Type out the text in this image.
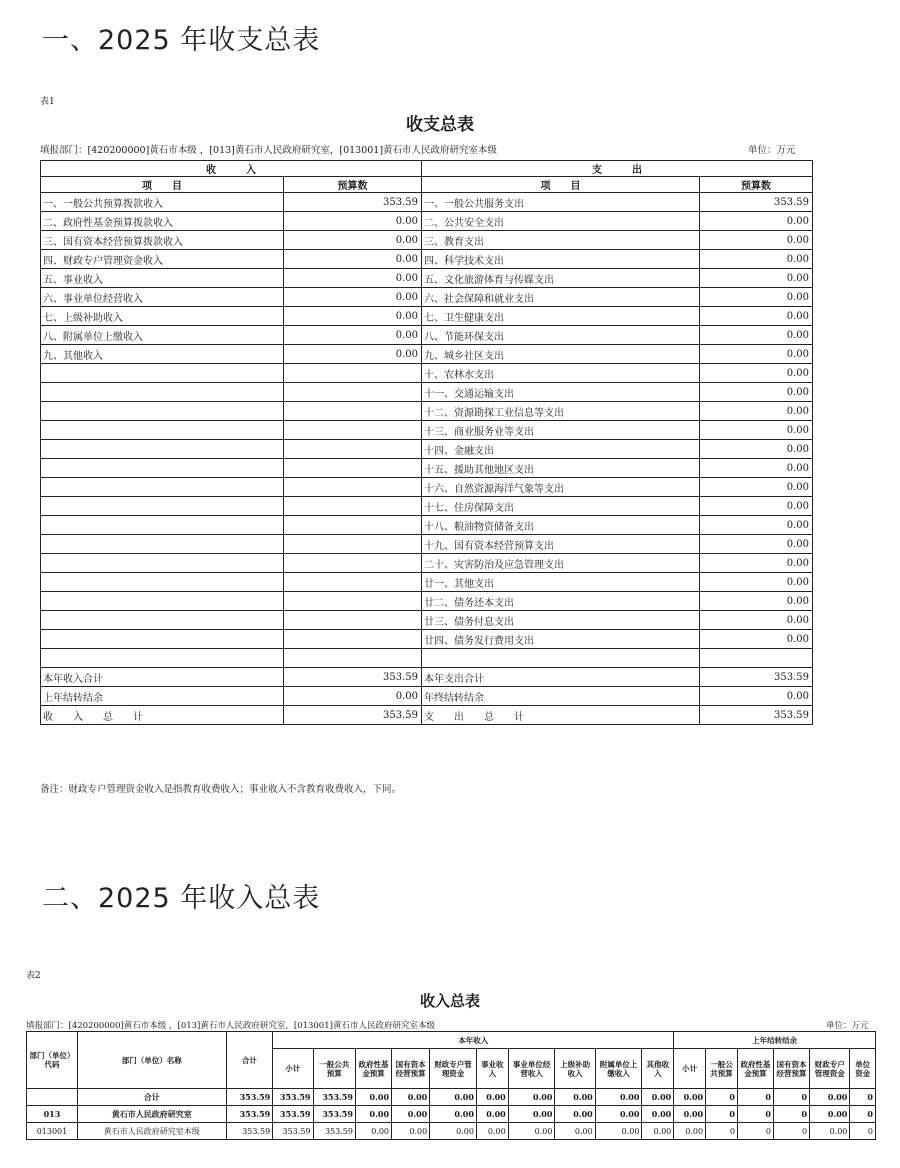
一、2025 年收支总表
表1
收支总表
填报部门：[420200000]黄石市本级 ，[013]黄石市人民政府研究室，[013001]黄石市人民政府研究室本级	单位：万元
收　　　入		支　　　出	
项　　目	预算数	项　　目	预算数
一、一般公共预算拨款收入	353.59	一、一般公共服务支出	353.59
二、政府性基金预算拨款收入	0.00	二、公共安全支出	0.00
三、国有资本经营预算拨款收入	0.00	三、教育支出	0.00
四、财政专户管理资金收入	0.00	四、科学技术支出	0.00
五、事业收入	0.00	五、文化旅游体育与传媒支出	0.00
六、事业单位经营收入	0.00	六、社会保障和就业支出	0.00
七、上级补助收入	0.00	七、卫生健康支出	0.00
八、附属单位上缴收入	0.00	八、节能环保支出	0.00
九、其他收入	0.00	九、城乡社区支出	0.00
		十、农林水支出	0.00
		十一、交通运输支出	0.00
		十二、资源勘探工业信息等支出	0.00
		十三、商业服务业等支出	0.00
		十四、金融支出	0.00
		十五、援助其他地区支出	0.00
		十六、自然资源海洋气象等支出	0.00
		十七、住房保障支出	0.00
		十八、粮油物资储备支出	0.00
		十九、国有资本经营预算支出	0.00
		二十、灾害防治及应急管理支出	0.00
		廿一、其他支出	0.00
		廿二、债务还本支出	0.00
		廿三、债务付息支出	0.00
		廿四、债务发行费用支出	0.00

本年收入合计	353.59	本年支出合计	353.59
上年结转结余	0.00	年终结转结余	0.00
收　　入　　总　　计	353.59	支　　出　　总　　计	353.59
备注：财政专户管理资金收入是指教育收费收入；事业收入不含教育收费收入，下同。
二、2025 年收入总表
表2
收入总表
填报部门：[420200000]黄石市本级 ，[013]黄石市人民政府研究室，[013001]黄石市人民政府研究室本级	单位：万元
部门（单位）代码	部门（单位）名称	合计	本年收入										上年结转结余					
			小计	一般公共预算	政府性基金预算	国有资本经营预算	财政专户管理资金	事业收入	事业单位经营收入	上级补助收入	附属单位上缴收入	其他收入	小计	一般公共预算	政府性基金预算	国有资本经营预算	财政专户管理资金	单位资金
	合计	353.59	353.59	353.59	0.00	0.00	0.00	0.00	0.00	0.00	0.00	0.00	0.00	0	0	0	0.00	0
013	黄石市人民政府研究室	353.59	353.59	353.59	0.00	0.00	0.00	0.00	0.00	0.00	0.00	0.00	0.00	0	0	0	0.00	0
013001	黄石市人民政府研究室本级	353.59	353.59	353.59	0.00	0.00	0.00	0.00	0.00	0.00	0.00	0.00	0.00	0	0	0	0.00	0
